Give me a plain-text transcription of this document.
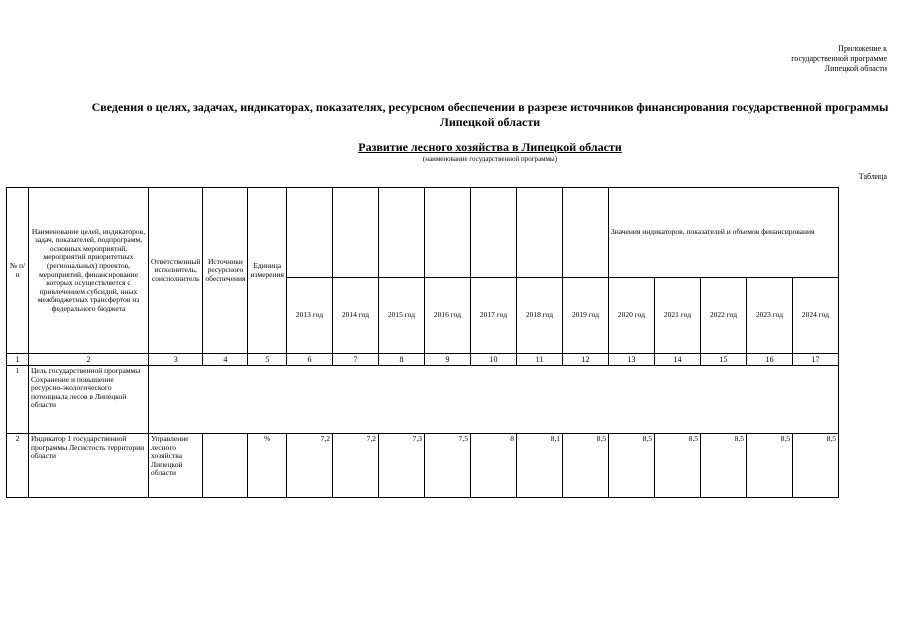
Приложение к
государственной программе
Липецкой области
Сведения о целях, задачах, индикаторах, показателях, ресурсном обеспечении в разрезе источников финансирования государственной программы Липецкой области
Развитие лесного хозяйства в Липецкой области
(наименование государственной программы)
Таблица
№ п/п	Наименование целей, индикаторов, задач, показателей, подпрограмм, основных мероприятий, мероприятий приоритетных (региональных) проектов, мероприятий, финансирование которых осуществляется с привлечением субсидий, иных межбюджетных трансфертов из федерального бюджета	Ответственный исполнитель, соисполнитель	Источники ресурсного обеспечения	Единица измерения								Значения индикаторов, показателей и объемов финансирования				
					2013 год	2014 год	2015 год	2016 год	2017 год	2018 год	2019 год	2020 год	2021 год	2022 год	2023 год	2024 год
1	2	3	4	5	6	7	8	9	10	11	12	13	14	15	16	17
1	Цель государственной программы Сохранение и повышение ресурсно-экологического потенциала лесов в Липецкой области															
2	Индикатор 1 государственной программы Лесистость территории области	Управление лесного хозяйства Липецкой области		%	7,2	7,2	7,3	7,5	8	8,1	8,5	8,5	8,5	8,5	8,5	8,5
